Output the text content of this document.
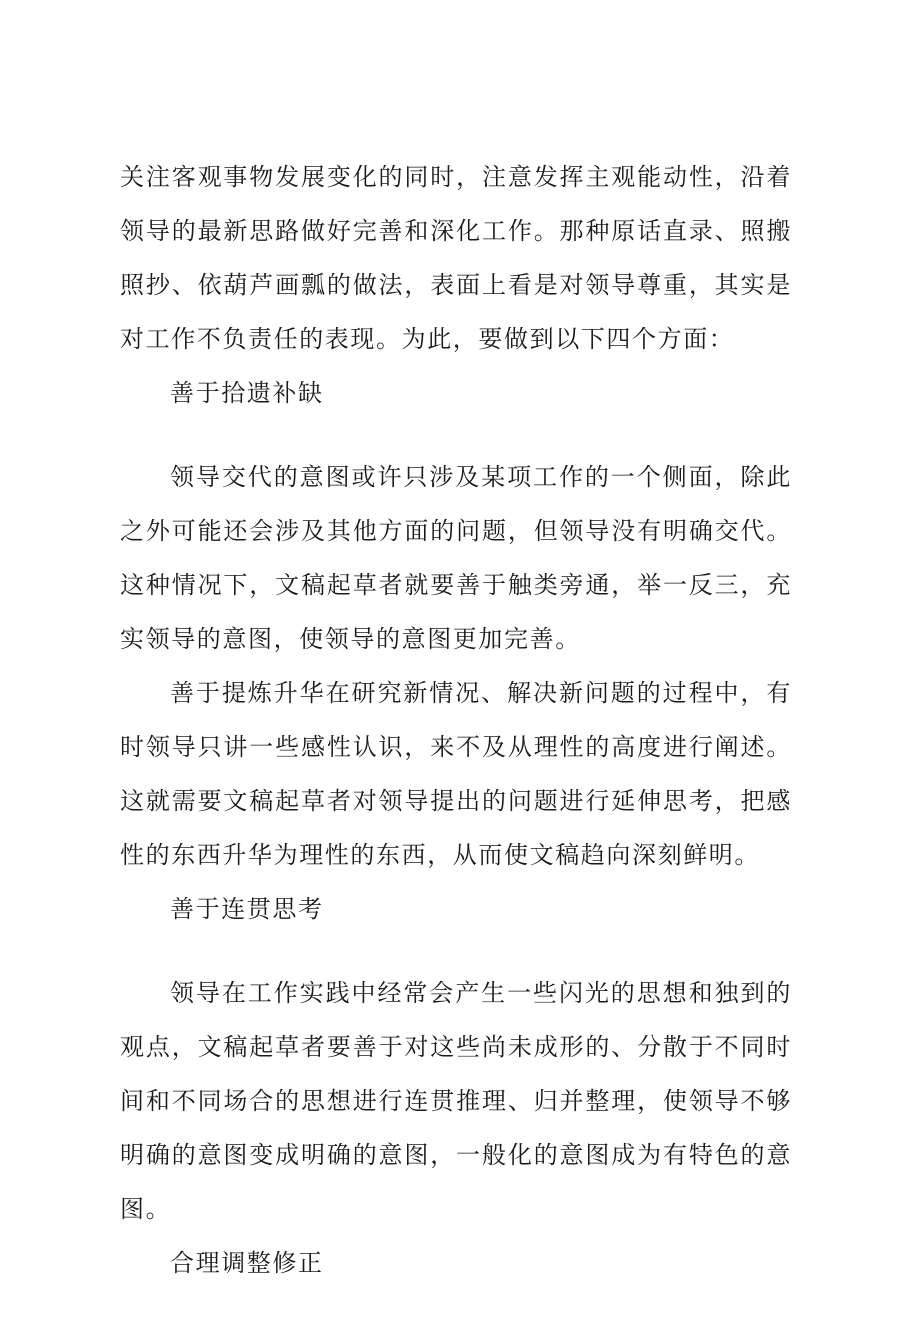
关注客观事物发展变化的同时，注意发挥主观能动性，沿着领导的最新思路做好完善和深化工作。那种原话直录、照搬照抄、依葫芦画瓢的做法，表面上看是对领导尊重，其实是对工作不负责任的表现。为此，要做到以下四个方面：

善于拾遗补缺

领导交代的意图或许只涉及某项工作的一个侧面，除此之外可能还会涉及其他方面的问题，但领导没有明确交代。这种情况下，文稿起草者就要善于触类旁通，举一反三，充实领导的意图，使领导的意图更加完善。

善于提炼升华在研究新情况、解决新问题的过程中，有时领导只讲一些感性认识，来不及从理性的高度进行阐述。这就需要文稿起草者对领导提出的问题进行延伸思考，把感性的东西升华为理性的东西，从而使文稿趋向深刻鲜明。

善于连贯思考

领导在工作实践中经常会产生一些闪光的思想和独到的观点，文稿起草者要善于对这些尚未成形的、分散于不同时间和不同场合的思想进行连贯推理、归并整理，使领导不够明确的意图变成明确的意图，一般化的意图成为有特色的意图。

合理调整修正
